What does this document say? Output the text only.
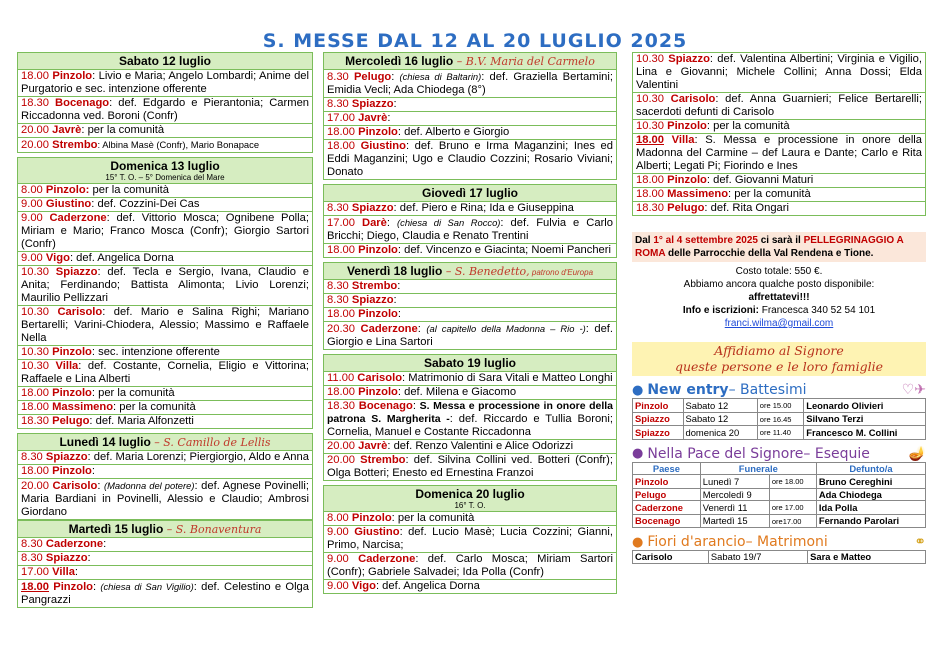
S. MESSE DAL 12 AL 20 LUGLIO 2025
Sabato 12 luglio
18.00 Pinzolo: Livio e Maria; Angelo Lombardi; Anime del Purgatorio e sec. intenzione offerente
18.30 Bocenago: def. Edgardo e Pierantonia; Carmen Riccadonna ved. Boroni (Confr)
20.00 Javrè: per la comunità
20.00 Strembo: Albina Masè (Confr), Mario Bonapace
Domenica 13 luglio
15° T. O. – 5° Domenica del Mare
8.00 Pinzolo: per la comunità
9.00 Giustino: def. Cozzini-Dei Cas
9.00 Caderzone: def. Vittorio Mosca; Ognibene Polla; Miriam e Mario; Franco Mosca (Confr); Giorgio Sartori (Confr)
9.00 Vigo: def. Angelica Dorna
10.30 Spiazzo: def. Tecla e Sergio, Ivana, Claudio e Anita; Ferdinando; Battista Alimonta; Livio Lorenzi; Maurilio Pellizzari
10.30 Carisolo: def. Mario e Salina Righi; Mariano Bertarelli; Varini-Chiodera, Alessio; Massimo e Raffaele Nella
10.30 Pinzolo: sec. intenzione offerente
10.30 Villa: def. Costante, Cornelia, Eligio e Vittorina; Raffaele e Lina Alberti
18.00 Pinzolo: per la comunità
18.00 Massimeno: per la comunità
18.30 Pelugo: def. Maria Alfonzetti
Lunedì 14 luglio – S. Camillo de Lellis
8.30 Spiazzo: def. Maria Lorenzi; Piergiorgio, Aldo e Anna
18.00 Pinzolo:
20.00 Carisolo: (Madonna del potere): def. Agnese Povinelli; Maria Bardiani in Povinelli, Alessio e Claudio; Ambrosi Giordano
Martedì 15 luglio – S. Bonaventura
8.30 Caderzone:
8.30 Spiazzo:
17.00 Villa:
18.00 Pinzolo: (chiesa di San Vigilio): def. Celestino e Olga Pangrazzi
Mercoledì 16 luglio – B.V. Maria del Carmelo
8.30 Pelugo: (chiesa di Baltarin): def. Graziella Bertamini; Emidia Vecli; Ada Chiodega (8°)
8.30 Spiazzo:
17.00 Javrè:
18.00 Pinzolo: def. Alberto e Giorgio
18.00 Giustino: def. Bruno e Irma Maganzini; Ines ed Eddi Maganzini; Ugo e Claudio Cozzini; Rosario Viviani; Donato
Giovedì 17 luglio
8.30 Spiazzo: def. Piero e Rina; Ida e Giuseppina
17.00 Darè: (chiesa di San Rocco): def. Fulvia e Carlo Bricchi; Diego, Claudia e Renato Trentini
18.00 Pinzolo: def. Vincenzo e Giacinta; Noemi Pancheri
Venerdì 18 luglio – S. Benedetto, patrono d'Europa
8.30 Strembo:
8.30 Spiazzo:
18.00 Pinzolo:
20.30 Caderzone: (al capitello della Madonna – Rio -): def. Giorgio e Lina Sartori
Sabato 19 luglio
11.00 Carisolo: Matrimonio di Sara Vitali e Matteo Longhi
18.00 Pinzolo: def. Milena e Giacomo
18.30 Bocenago: S. Messa e processione in onore della patrona S. Margherita -: def. Riccardo e Tullia Boroni; Cornelia, Manuel e Costante Riccadonna
20.00 Javrè: def. Renzo Valentini e Alice Odorizzi
20.00 Strembo: def. Silvina Collini ved. Botteri (Confr); Olga Botteri; Enesto ed Ernestina Franzoi
Domenica 20 luglio
16° T. O.
8.00 Pinzolo: per la comunità
9.00 Giustino: def. Lucio Masè; Lucia Cozzini; Gianni, Primo, Narcisa;
9.00 Caderzone: def. Carlo Mosca; Miriam Sartori (Confr); Gabriele Salvadei; Ida Polla (Confr)
9.00 Vigo: def. Angelica Dorna
10.30 Spiazzo: def. Valentina Albertini; Virginia e Vigilio, Lina e Giovanni; Michele Collini; Anna Dossi; Elda Valentini
10.30 Carisolo: def. Anna Guarnieri; Felice Bertarelli; sacerdoti defunti di Carisolo
10.30 Pinzolo: per la comunità
18.00 Villa: S. Messa e processione in onore della Madonna del Carmine – def Laura e Dante; Carlo e Rita Alberti; Legati Pi; Fiorindo e Ines
18.00 Pinzolo: def. Giovanni Maturi
18.00 Massimeno: per la comunità
18.30 Pelugo: def. Rita Ongari
Dal 1° al 4 settembre 2025 ci sarà il PELLEGRINAGGIO A ROMA delle Parrocchie della Val Rendena e Tione.
Costo totale: 550 €.
Abbiamo ancora qualche posto disponibile:
affrettatevi!!!
Info e iscrizioni: Francesca 340 52 54 101
franci.wilma@gmail.com
Affidiamo al Signore
queste persone e le loro famiglie
● New entry – Battesimi	♡✈
Pinzolo	Sabato 12	ore 15.00	Leonardo Olivieri
Spiazzo	Sabato 12	ore 16.45	Silvano Terzi
Spiazzo	domenica 20	ore 11.40	Francesco M. Collini
● Nella Pace del Signore – Esequie	🪔
Paese	Funerale		Defunto/a
Pinzolo	Lunedì 7	ore 18.00	Bruno Cereghini
Pelugo	Mercoledì 9		Ada Chiodega
Caderzone	Venerdì 11	ore 17.00	Ida Polla
Bocenago	Martedì 15	ore17.00	Fernando Parolari
● Fiori d'arancio – Matrimoni	⚭
Carisolo	Sabato 19/7	Sara e Matteo
